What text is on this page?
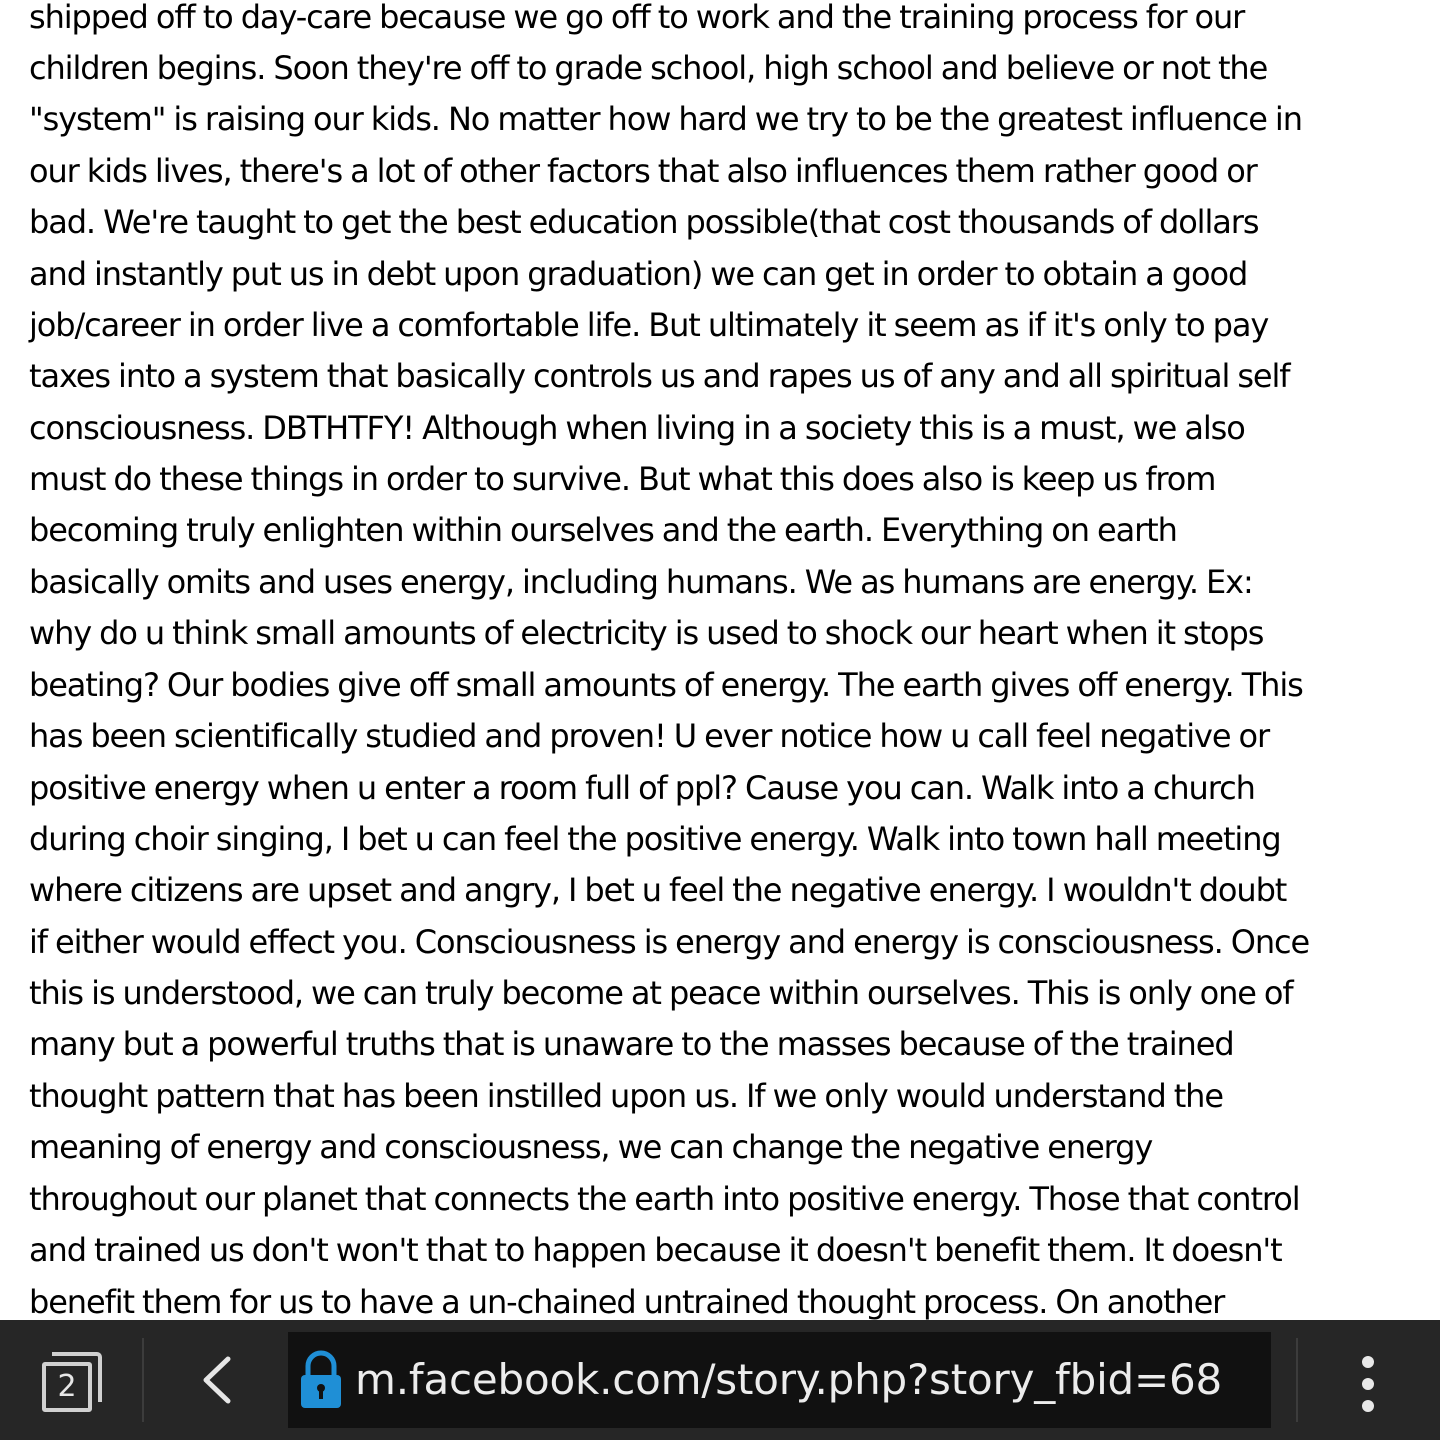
shipped off to day-care because we go off to work and the training process for our
children begins. Soon they're off to grade school, high school and believe or not the
"system" is raising our kids. No matter how hard we try to be the greatest influence in
our kids lives, there's a lot of other factors that also influences them rather good or
bad. We're taught to get the best education possible(that cost thousands of dollars
and instantly put us in debt upon graduation) we can get in order to obtain a good
job/career in order live a comfortable life. But ultimately it seem as if it's only to pay
taxes into a system that basically controls us and rapes us of any and all spiritual self
consciousness. DBTHTFY! Although when living in a society this is a must, we also
must do these things in order to survive. But what this does also is keep us from
becoming truly enlighten within ourselves and the earth. Everything on earth
basically omits and uses energy, including humans. We as humans are energy. Ex:
why do u think small amounts of electricity is used to shock our heart when it stops
beating? Our bodies give off small amounts of energy. The earth gives off energy. This
has been scientifically studied and proven! U ever notice how u call feel negative or
positive energy when u enter a room full of ppl? Cause you can. Walk into a church
during choir singing, I bet u can feel the positive energy. Walk into town hall meeting
where citizens are upset and angry, I bet u feel the negative energy. I wouldn't doubt
if either would effect you. Consciousness is energy and energy is consciousness. Once
this is understood, we can truly become at peace within ourselves. This is only one of
many but a powerful truths that is unaware to the masses because of the trained
thought pattern that has been instilled upon us. If we only would understand the
meaning of energy and consciousness, we can change the negative energy
throughout our planet that connects the earth into positive energy. Those that control
and trained us don't won't that to happen because it doesn't benefit them. It doesn't
benefit them for us to have a un-chained untrained thought process. On another
2	m.facebook.com/story.php?story_fbid=68
